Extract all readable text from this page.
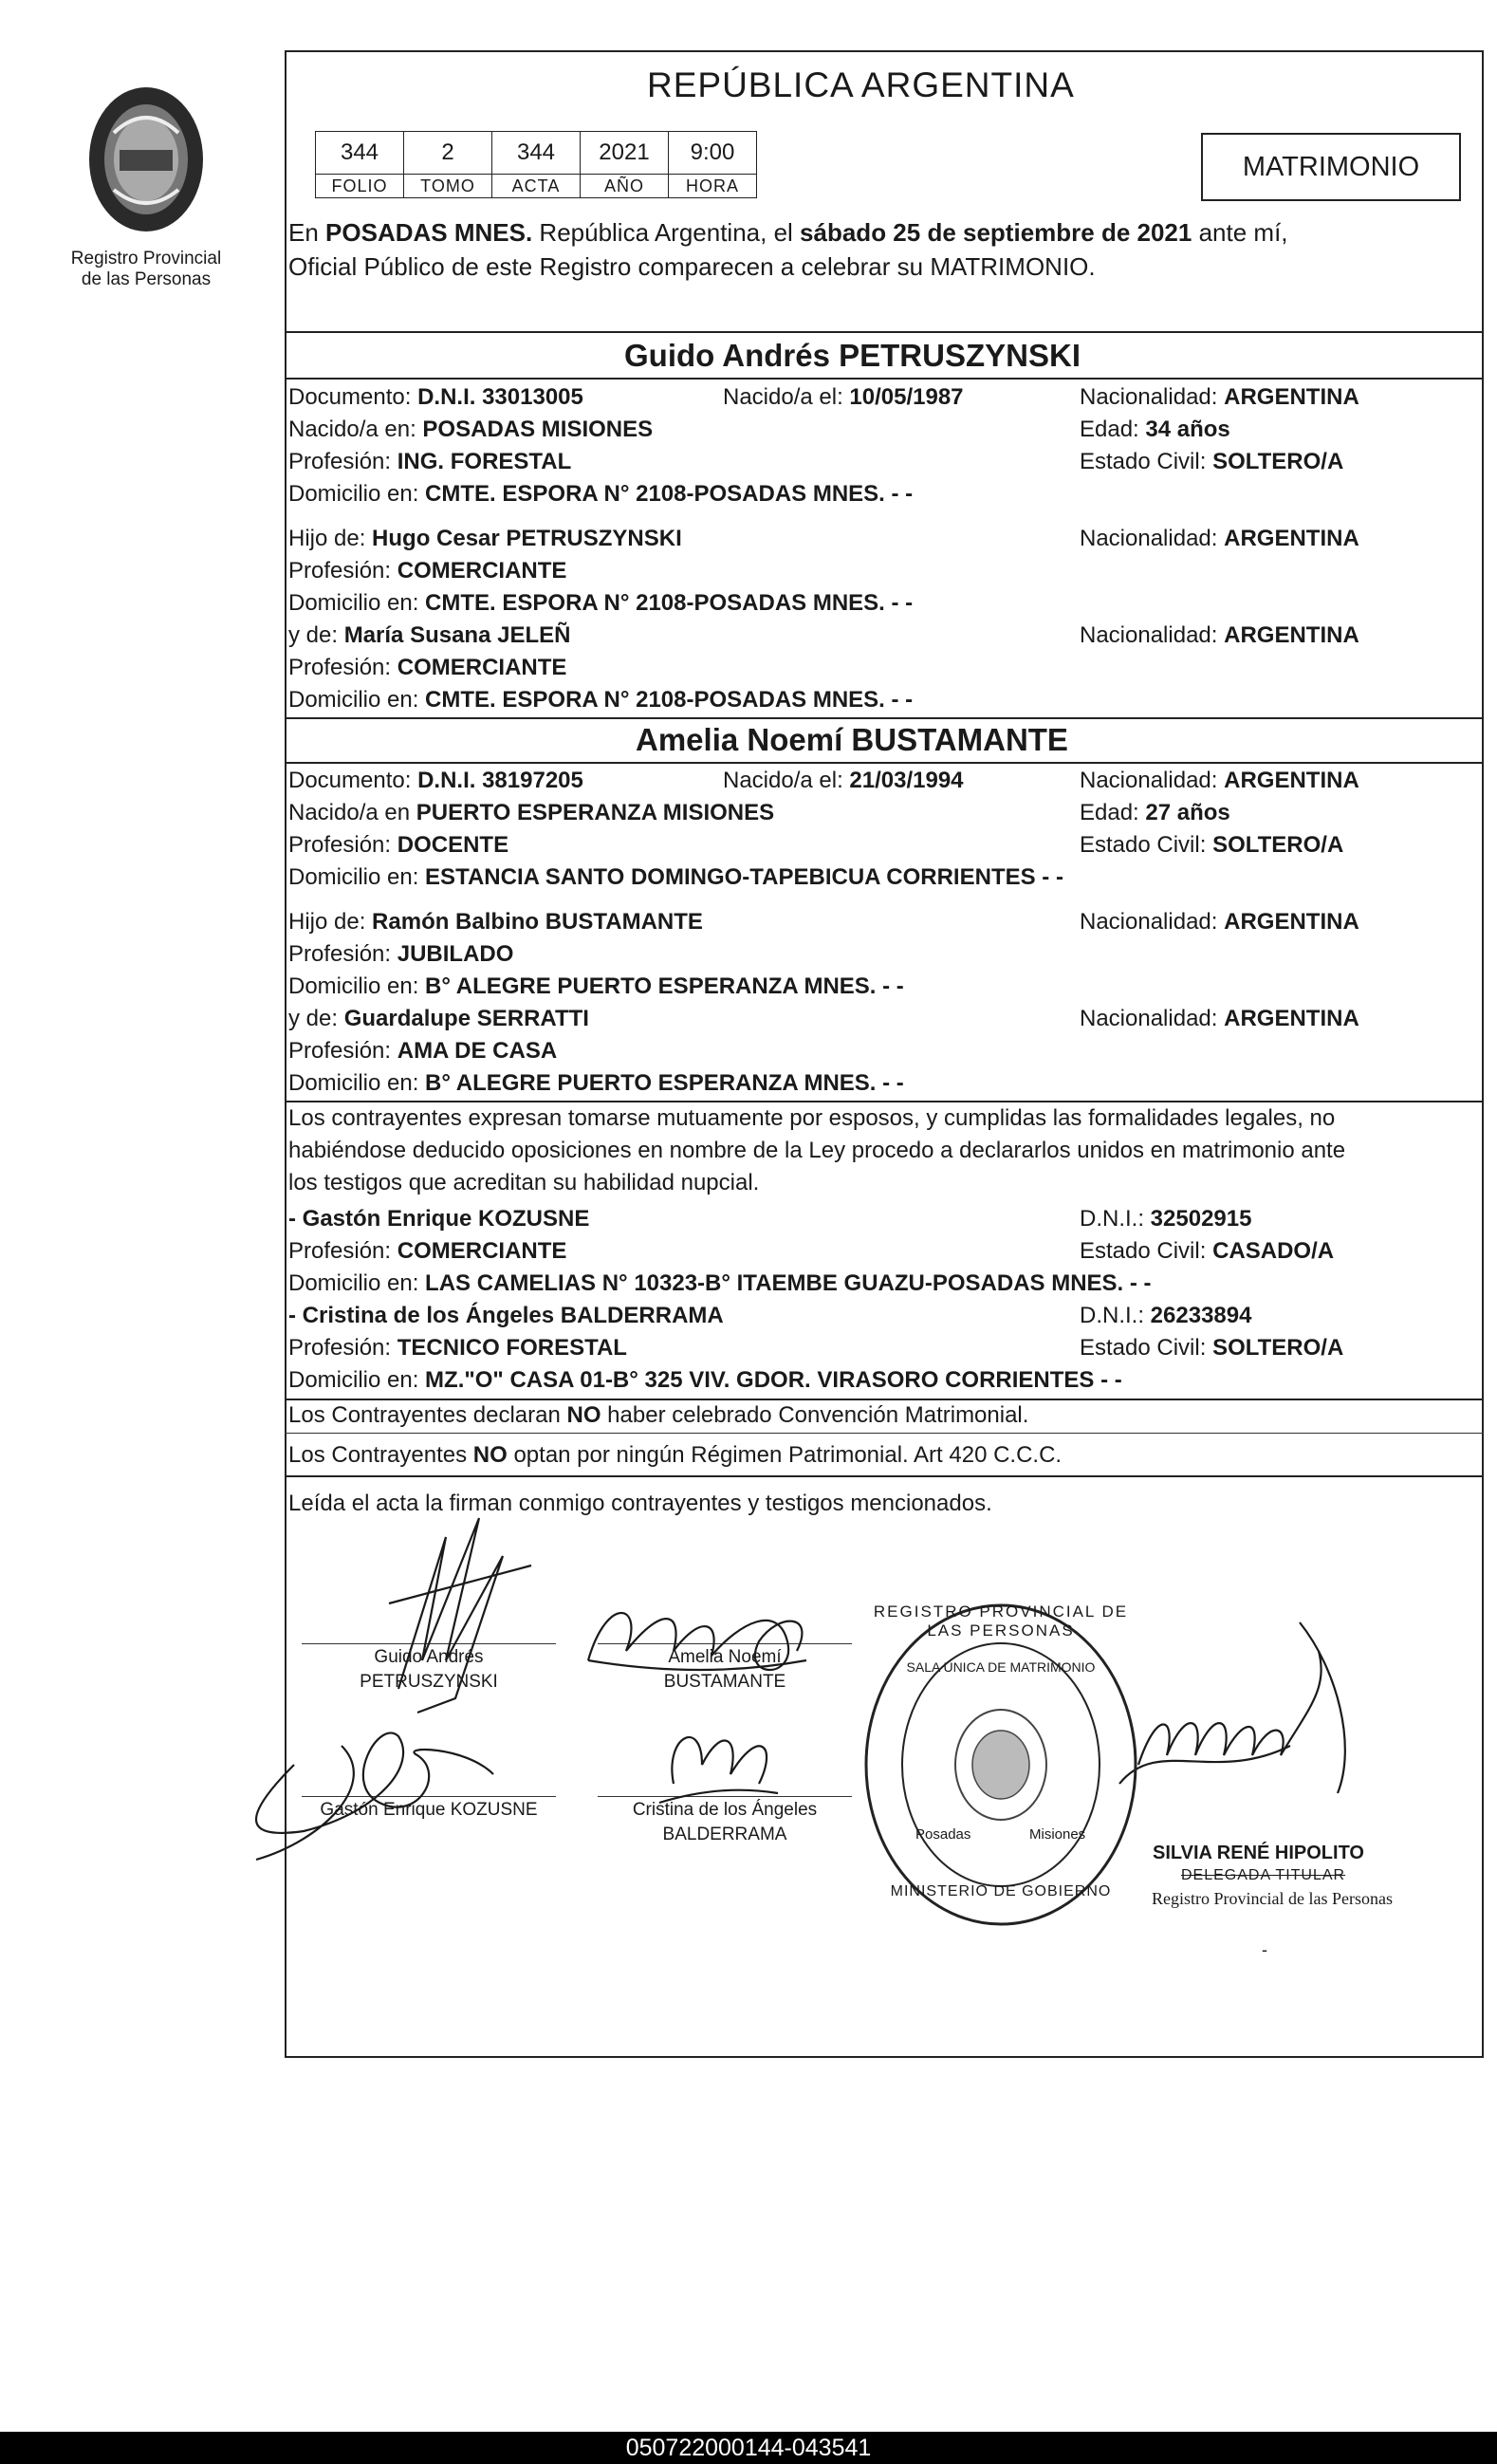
Registro Provincial
de las Personas
REPÚBLICA ARGENTINA
344	2	344	2021	9:00
FOLIO	TOMO	ACTA	AÑO	HORA
MATRIMONIO
En POSADAS MNES. República Argentina, el sábado 25 de septiembre de 2021 ante mí,
Oficial Público de este Registro comparecen a celebrar su MATRIMONIO.
Guido Andrés PETRUSZYNSKI
Documento: D.N.I. 33013005	Nacido/a el: 10/05/1987	Nacionalidad: ARGENTINA
Nacido/a en: POSADAS MISIONES	Edad: 34 años
Profesión: ING. FORESTAL	Estado Civil: SOLTERO/A
Domicilio en: CMTE. ESPORA N° 2108-POSADAS MNES. - -
Hijo de: Hugo Cesar PETRUSZYNSKI	Nacionalidad: ARGENTINA
Profesión: COMERCIANTE
Domicilio en: CMTE. ESPORA N° 2108-POSADAS MNES. - -
y de: María Susana JELEÑ	Nacionalidad: ARGENTINA
Profesión: COMERCIANTE
Domicilio en: CMTE. ESPORA N° 2108-POSADAS MNES. - -
Amelia Noemí BUSTAMANTE
Documento: D.N.I. 38197205	Nacido/a el: 21/03/1994	Nacionalidad: ARGENTINA
Nacido/a en PUERTO ESPERANZA MISIONES	Edad: 27 años
Profesión: DOCENTE	Estado Civil: SOLTERO/A
Domicilio en: ESTANCIA SANTO DOMINGO-TAPEBICUA CORRIENTES - -
Hijo de: Ramón Balbino BUSTAMANTE	Nacionalidad: ARGENTINA
Profesión: JUBILADO
Domicilio en: B° ALEGRE PUERTO ESPERANZA MNES. - -
y de: Guardalupe SERRATTI	Nacionalidad: ARGENTINA
Profesión: AMA DE CASA
Domicilio en: B° ALEGRE PUERTO ESPERANZA MNES. - -
Los contrayentes expresan tomarse mutuamente por esposos, y cumplidas las formalidades legales, no
habiéndose deducido oposiciones en nombre de la Ley procedo a declararlos unidos en matrimonio ante
los testigos que acreditan su habilidad nupcial.
- Gastón Enrique KOZUSNE	D.N.I.: 32502915
Profesión: COMERCIANTE	Estado Civil: CASADO/A
Domicilio en: LAS CAMELIAS N° 10323-B° ITAEMBE GUAZU-POSADAS MNES. - -
- Cristina de los Ángeles BALDERRAMA	D.N.I.: 26233894
Profesión: TECNICO FORESTAL	Estado Civil: SOLTERO/A
Domicilio en: MZ."O" CASA 01-B° 325 VIV. GDOR. VIRASORO CORRIENTES - -
Los Contrayentes declaran NO haber celebrado Convención Matrimonial.
Los Contrayentes NO optan por ningún Régimen Patrimonial. Art 420 C.C.C.
Leída el acta la firman conmigo contrayentes y testigos mencionados.
Guido Andrés
PETRUSZYNSKI
Amelia Noemí
BUSTAMANTE
Gastón Enrique KOZUSNE	Cristina de los Ángeles
BALDERRAMA
REGISTRO PROVINCIAL DE LAS PERSONAS
SALA UNICA DE MATRIMONIO
Posadas	Misiones
MINISTERIO DE GOBIERNO
SILVIA RENÉ HIPOLITO
DELEGADA TITULAR
Registro Provincial de las Personas
-
050722000144-043541
